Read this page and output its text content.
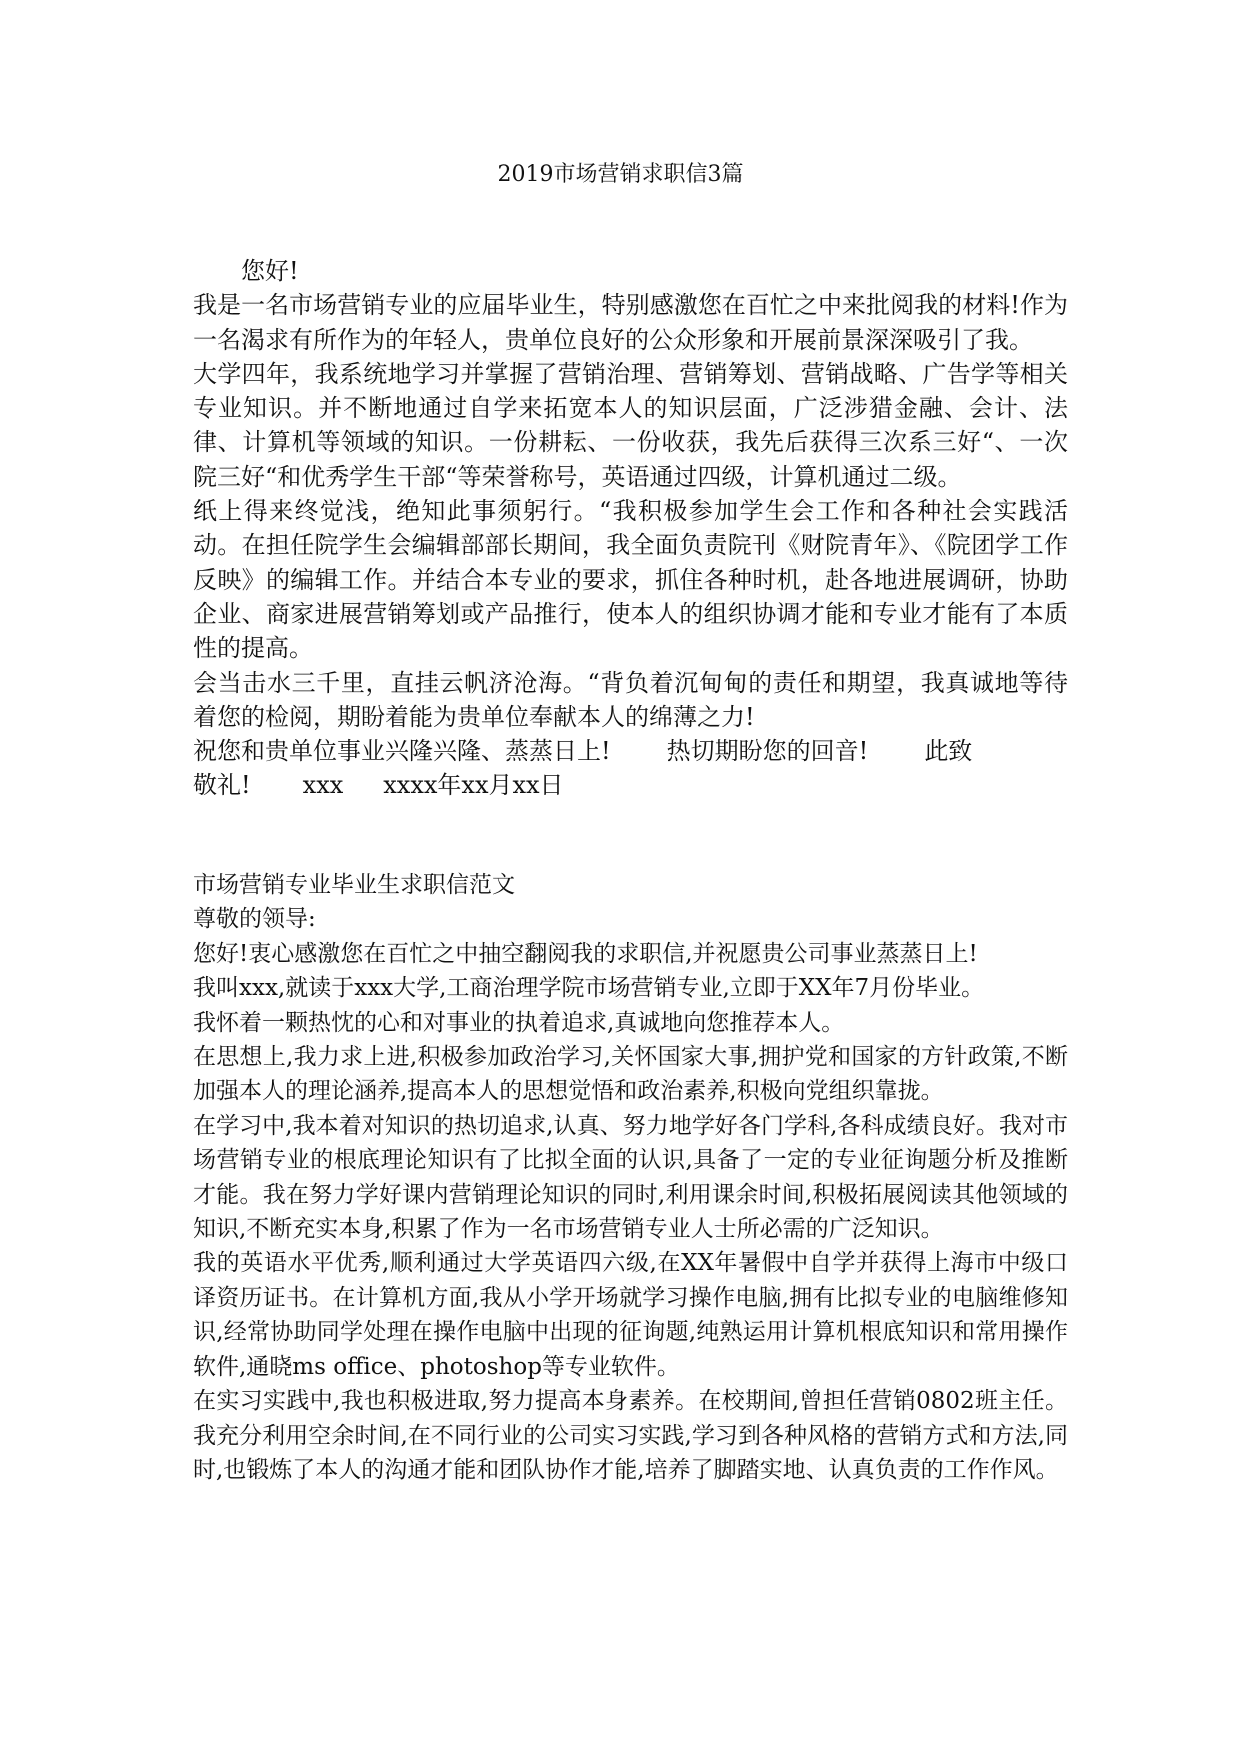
2019市场营销求职信3篇

您好!

我是一名市场营销专业的应届毕业生，特别感激您在百忙之中来批阅我的材料!作为一名渴求有所作为的年轻人，贵单位良好的公众形象和开展前景深深吸引了我。

大学四年，我系统地学习并掌握了营销治理、营销筹划、营销战略、广告学等相关专业知识。并不断地通过自学来拓宽本人的知识层面，广泛涉猎金融、会计、法律、计算机等领域的知识。一份耕耘、一份收获，我先后获得三次系三好“、一次院三好“和优秀学生干部“等荣誉称号，英语通过四级，计算机通过二级。

纸上得来终觉浅，绝知此事须躬行。“我积极参加学生会工作和各种社会实践活动。在担任院学生会编辑部部长期间，我全面负责院刊《财院青年》、《院团学工作反映》的编辑工作。并结合本专业的要求，抓住各种时机，赴各地进展调研，协助企业、商家进展营销筹划或产品推行，使本人的组织协调才能和专业才能有了本质性的提高。

会当击水三千里，直挂云帆济沧海。“背负着沉甸甸的责任和期望，我真诚地等待着您的检阅，期盼着能为贵单位奉献本人的绵薄之力!

祝您和贵单位事业兴隆兴隆、蒸蒸日上! 热切期盼您的回音! 此致

敬礼! xxx xxxx年xx月xx日

市场营销专业毕业生求职信范文

尊敬的领导:

您好!衷心感激您在百忙之中抽空翻阅我的求职信,并祝愿贵公司事业蒸蒸日上!

我叫xxx,就读于xxx大学,工商治理学院市场营销专业,立即于XX年7月份毕业。

我怀着一颗热忱的心和对事业的执着追求,真诚地向您推荐本人。

在思想上,我力求上进,积极参加政治学习,关怀国家大事,拥护党和国家的方针政策,不断加强本人的理论涵养,提高本人的思想觉悟和政治素养,积极向党组织靠拢。

在学习中,我本着对知识的热切追求,认真、努力地学好各门学科,各科成绩良好。我对市场营销专业的根底理论知识有了比拟全面的认识,具备了一定的专业征询题分析及推断才能。我在努力学好课内营销理论知识的同时,利用课余时间,积极拓展阅读其他领域的知识,不断充实本身,积累了作为一名市场营销专业人士所必需的广泛知识。

我的英语水平优秀,顺利通过大学英语四六级,在XX年暑假中自学并获得上海市中级口译资历证书。在计算机方面,我从小学开场就学习操作电脑,拥有比拟专业的电脑维修知识,经常协助同学处理在操作电脑中出现的征询题,纯熟运用计算机根底知识和常用操作软件,通晓ms office、photoshop等专业软件。

在实习实践中,我也积极进取,努力提高本身素养。在校期间,曾担任营销0802班主任。我充分利用空余时间,在不同行业的公司实习实践,学习到各种风格的营销方式和方法,同时,也锻炼了本人的沟通才能和团队协作才能,培养了脚踏实地、认真负责的工作作风。
